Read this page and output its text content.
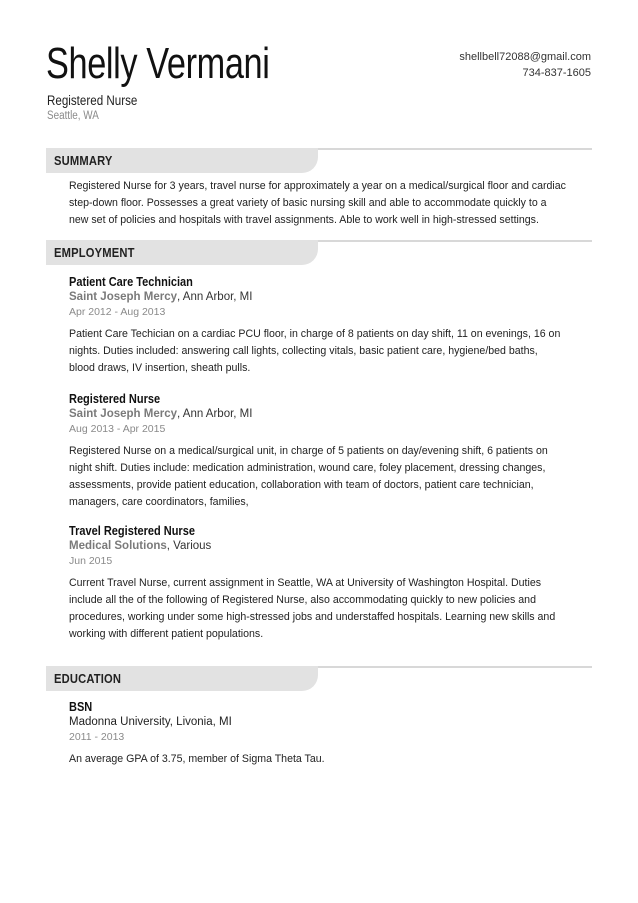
Shelly Vermani
Registered Nurse
Seattle, WA
shellbell72088@gmail.com
734-837-1605
SUMMARY

Registered Nurse for 3 years, travel nurse for approximately a year on a medical/surgical floor and cardiac

step-down floor. Possesses a great variety of basic nursing skill and able to accommodate quickly to a

new set of policies and hospitals with travel assignments. Able to work well in high-stressed settings.

EMPLOYMENT
Patient Care Technician
Saint Joseph Mercy, Ann Arbor, MI
Apr 2012 - Aug 2013

Patient Care Techician on a cardiac PCU floor, in charge of 8 patients on day shift, 11 on evenings, 16 on

nights. Duties included: answering call lights, collecting vitals, basic patient care, hygiene/bed baths,

blood draws, IV insertion, sheath pulls.

Registered Nurse
Saint Joseph Mercy, Ann Arbor, MI
Aug 2013 - Apr 2015

Registered Nurse on a medical/surgical unit, in charge of 5 patients on day/evening shift, 6 patients on

night shift. Duties include: medication administration, wound care, foley placement, dressing changes,

assessments, provide patient education, collaboration with team of doctors, patient care technician,

managers, care coordinators, families,

Travel Registered Nurse
Medical Solutions, Various
Jun 2015

Current Travel Nurse, current assignment in Seattle, WA at University of Washington Hospital. Duties

include all the of the following of Registered Nurse, also accommodating quickly to new policies and

procedures, working under some high-stressed jobs and understaffed hospitals. Learning new skills and

working with different patient populations.

EDUCATION
BSN
Madonna University, Livonia, MI
2011 - 2013

An average GPA of 3.75, member of Sigma Theta Tau.
